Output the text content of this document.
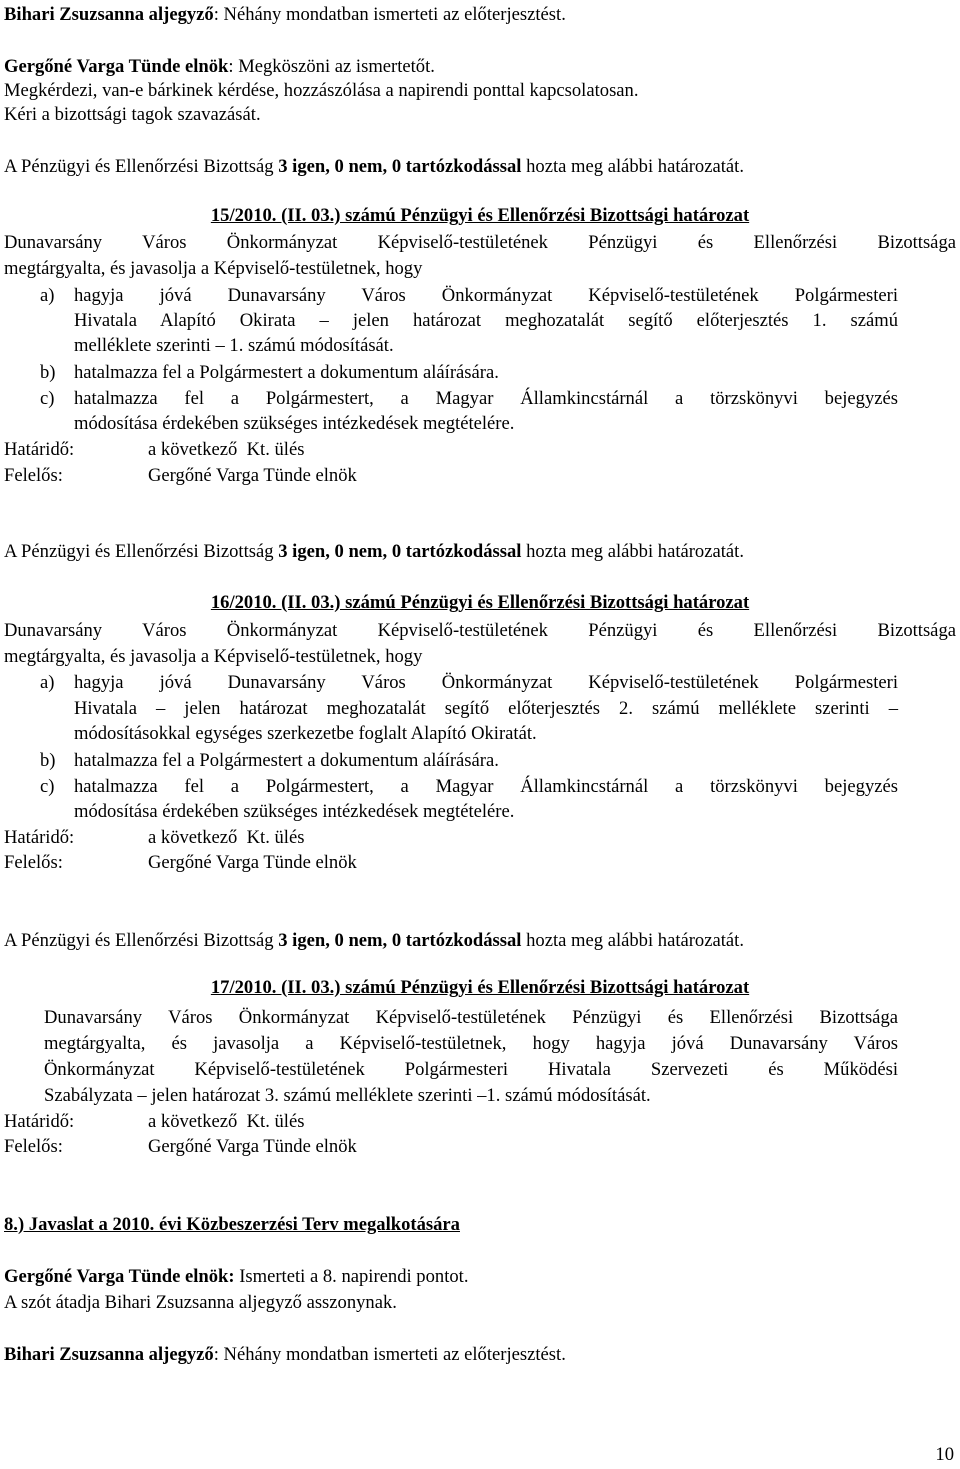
Bihari Zsuzsanna aljegyző: Néhány mondatban ismerteti az előterjesztést.
Gergőné Varga Tünde elnök: Megköszöni az ismertetőt.
Megkérdezi, van-e bárkinek kérdése, hozzászólása a napirendi ponttal kapcsolatosan.
Kéri a bizottsági tagok szavazását.
A Pénzügyi és Ellenőrzési Bizottság 3 igen, 0 nem, 0 tartózkodással hozta meg alábbi határozatát.
15/2010. (II. 03.) számú Pénzügyi és Ellenőrzési Bizottsági határozat
Dunavarsány Város Önkormányzat Képviselő-testületének Pénzügyi és Ellenőrzési Bizottsága
megtárgyalta, és javasolja a Képviselő-testületnek, hogy
a) hagyja jóvá Dunavarsány Város Önkormányzat Képviselő-testületének Polgármesteri
Hivatala Alapító Okirata – jelen határozat meghozatalát segítő előterjesztés 1. számú
melléklete szerinti – 1. számú módosítását.
b) hatalmazza fel a Polgármestert a dokumentum aláírására.
c) hatalmazza fel a Polgármestert, a Magyar Államkincstárnál a törzskönyvi bejegyzés
módosítása érdekében szükséges intézkedések megtételére.
Határidő:	a következő  Kt. ülés
Felelős:	Gergőné Varga Tünde elnök
A Pénzügyi és Ellenőrzési Bizottság 3 igen, 0 nem, 0 tartózkodással hozta meg alábbi határozatát.
16/2010. (II. 03.) számú Pénzügyi és Ellenőrzési Bizottsági határozat
Dunavarsány Város Önkormányzat Képviselő-testületének Pénzügyi és Ellenőrzési Bizottsága
megtárgyalta, és javasolja a Képviselő-testületnek, hogy
a) hagyja jóvá Dunavarsány Város Önkormányzat Képviselő-testületének Polgármesteri
Hivatala – jelen határozat meghozatalát segítő előterjesztés 2. számú melléklete szerinti –
módosításokkal egységes szerkezetbe foglalt Alapító Okiratát.
b) hatalmazza fel a Polgármestert a dokumentum aláírására.
c) hatalmazza fel a Polgármestert, a Magyar Államkincstárnál a törzskönyvi bejegyzés
módosítása érdekében szükséges intézkedések megtételére.
Határidő:	a következő  Kt. ülés
Felelős:	Gergőné Varga Tünde elnök
A Pénzügyi és Ellenőrzési Bizottság 3 igen, 0 nem, 0 tartózkodással hozta meg alábbi határozatát.
17/2010. (II. 03.) számú Pénzügyi és Ellenőrzési Bizottsági határozat
Dunavarsány Város Önkormányzat Képviselő-testületének Pénzügyi és Ellenőrzési Bizottsága
megtárgyalta, és javasolja a Képviselő-testületnek, hogy hagyja jóvá Dunavarsány Város
Önkormányzat Képviselő-testületének Polgármesteri Hivatala Szervezeti és Működési
Szabályzata – jelen határozat 3. számú melléklete szerinti –1. számú módosítását.
Határidő:	a következő  Kt. ülés
Felelős:	Gergőné Varga Tünde elnök
8.) Javaslat a 2010. évi Közbeszerzési Terv megalkotására
Gergőné Varga Tünde elnök: Ismerteti a 8. napirendi pontot.
A szót átadja Bihari Zsuzsanna aljegyző asszonynak.
Bihari Zsuzsanna aljegyző: Néhány mondatban ismerteti az előterjesztést.
10
